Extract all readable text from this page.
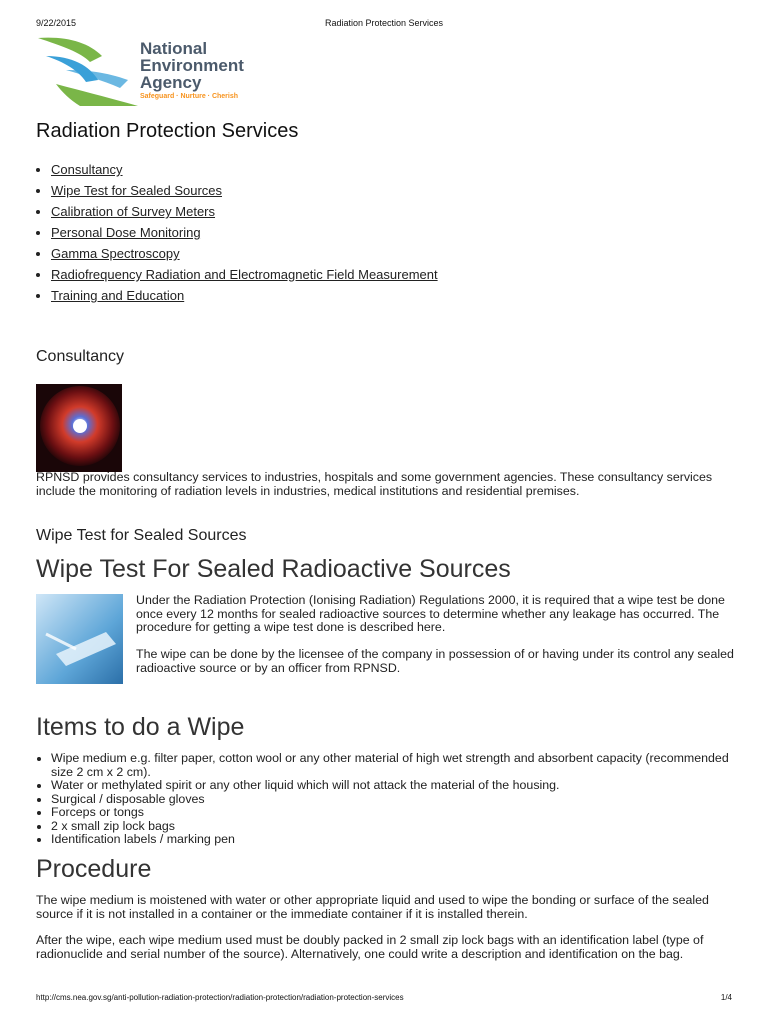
9/22/2015	Radiation Protection Services
National
Environment
Agency
Safeguard · Nurture · Cherish
Radiation Protection Services
• Consultancy
• Wipe Test for Sealed Sources
• Calibration of Survey Meters
• Personal Dose Monitoring
• Gamma Spectroscopy
• Radiofrequency Radiation and Electromagnetic Field Measurement
• Training and Education
Consultancy

RPNSD provides consultancy services to industries, hospitals and some government agencies. These consultancy services include the monitoring of radiation levels in industries, medical institutions and residential premises.

Wipe Test for Sealed Sources
Wipe Test For Sealed Radioactive Sources

Under the Radiation Protection (Ionising Radiation) Regulations 2000, it is required that a wipe test be done once every 12 months for sealed radioactive sources to determine whether any leakage has occurred. The procedure for getting a wipe test done is described here.

The wipe can be done by the licensee of the company in possession of or having under its control any sealed radioactive source or by an officer from RPNSD.

Items to do a Wipe
• Wipe medium e.g. filter paper, cotton wool or any other material of high wet strength and absorbent capacity (recommended size 2 cm x 2 cm).
• Water or methylated spirit or any other liquid which will not attack the material of the housing.
• Surgical / disposable gloves
• Forceps or tongs
• 2 x small zip lock bags
• Identification labels / marking pen
Procedure

The wipe medium is moistened with water or other appropriate liquid and used to wipe the bonding or surface of the sealed source if it is not installed in a container or the immediate container if it is installed therein.

After the wipe, each wipe medium used must be doubly packed in 2 small zip lock bags with an identification label (type of radionuclide and serial number of the source). Alternatively, one could write a description and identification on the bag.

http://cms.nea.gov.sg/anti-pollution-radiation-protection/radiation-protection/radiation-protection-services	1/4
